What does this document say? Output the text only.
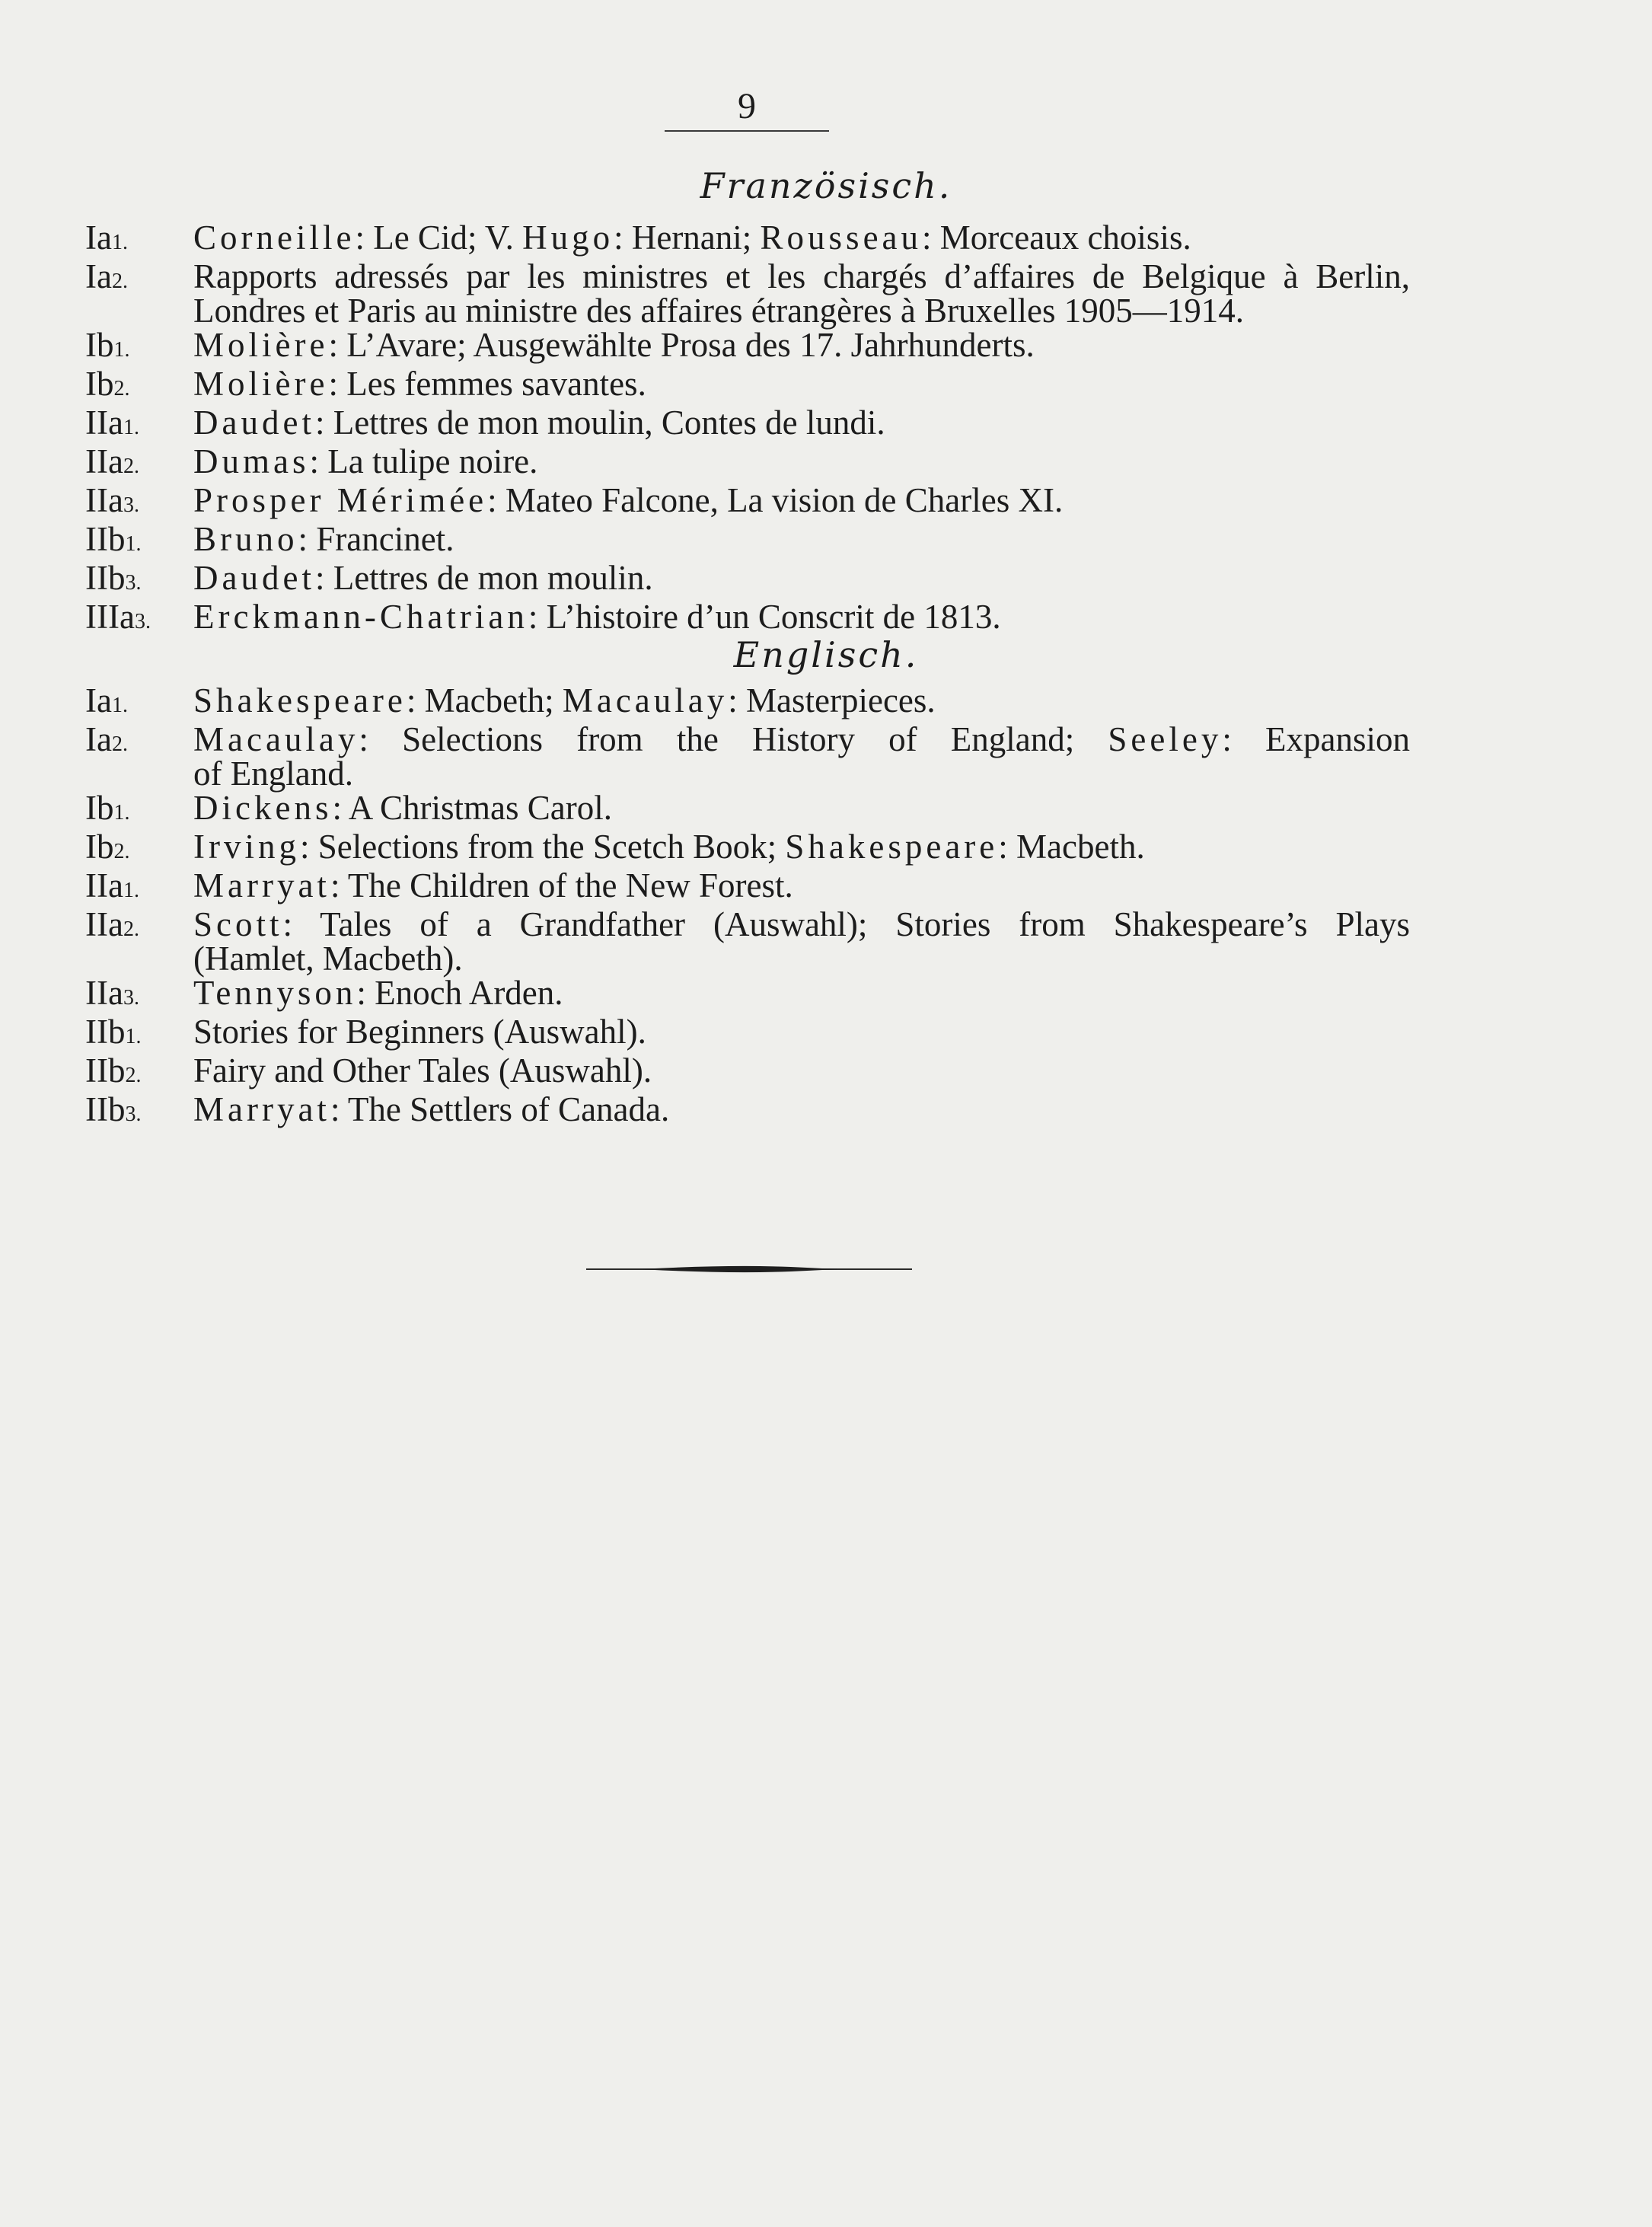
9
Französisch.
Ia1.	Corneille: Le Cid; V. Hugo: Hernani; Rousseau: Morceaux choisis.
Ia2.	Rapports adressés par les ministres et les chargés d’affaires de Belgique à Berlin,
Londres et Paris au ministre des affaires étrangères à Bruxelles 1905—1914.
Ib1.	Molière: L’Avare; Ausgewählte Prosa des 17. Jahrhunderts.
Ib2.	Molière: Les femmes savantes.
IIa1.	Daudet: Lettres de mon moulin, Contes de lundi.
IIa2.	Dumas: La tulipe noire.
IIa3.	Prosper Mérimée: Mateo Falcone, La vision de Charles XI.
IIb1.	Bruno: Francinet.
IIb3.	Daudet: Lettres de mon moulin.
IIIa3.	Erckmann-Chatrian: L’histoire d’un Conscrit de 1813.
Englisch.
Ia1.	Shakespeare: Macbeth; Macaulay: Masterpieces.
Ia2.	Macaulay: Selections from the History of England; Seeley: Expansion
of England.
Ib1.	Dickens: A Christmas Carol.
Ib2.	Irving: Selections from the Scetch Book; Shakespeare: Macbeth.
IIa1.	Marryat: The Children of the New Forest.
IIa2.	Scott: Tales of a Grandfather (Auswahl); Stories from Shakespeare’s Plays
(Hamlet, Macbeth).
IIa3.	Tennyson: Enoch Arden.
IIb1.	Stories for Beginners (Auswahl).
IIb2.	Fairy and Other Tales (Auswahl).
IIb3.	Marryat: The Settlers of Canada.
